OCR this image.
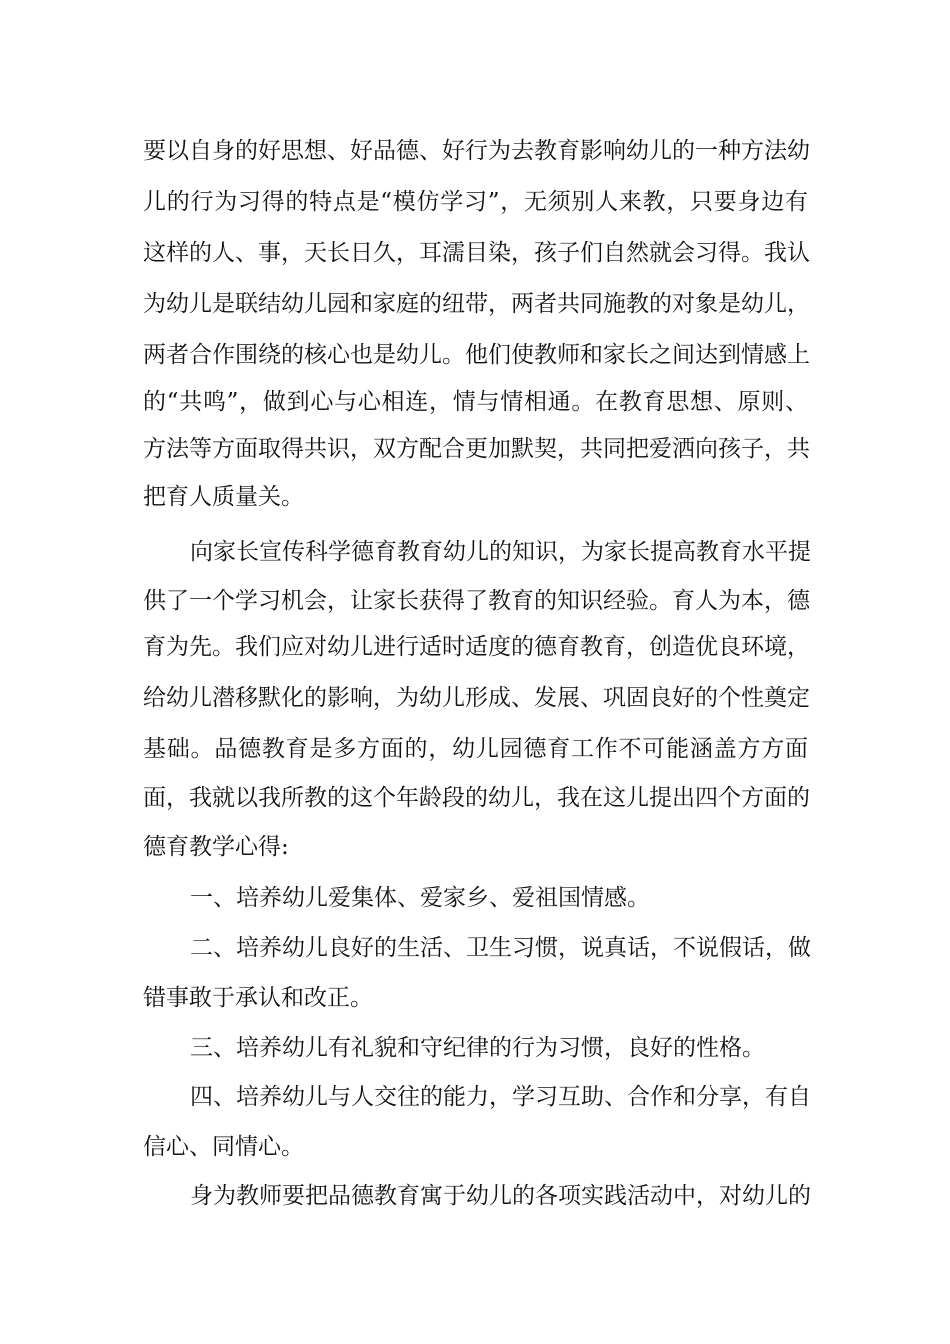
要以自身的好思想、好品德、好行为去教育影响幼儿的一种方法幼
儿的行为习得的特点是“模仿学习”，无须别人来教，只要身边有
这样的人、事，天长日久，耳濡目染，孩子们自然就会习得。我认
为幼儿是联结幼儿园和家庭的纽带，两者共同施教的对象是幼儿，
两者合作围绕的核心也是幼儿。他们使教师和家长之间达到情感上
的“共鸣”，做到心与心相连，情与情相通。在教育思想、原则、
方法等方面取得共识，双方配合更加默契，共同把爱洒向孩子，共
把育人质量关。
向家长宣传科学德育教育幼儿的知识，为家长提高教育水平提
供了一个学习机会，让家长获得了教育的知识经验。育人为本，德
育为先。我们应对幼儿进行适时适度的德育教育，创造优良环境，
给幼儿潜移默化的影响，为幼儿形成、发展、巩固良好的个性奠定
基础。品德教育是多方面的，幼儿园德育工作不可能涵盖方方面
面，我就以我所教的这个年龄段的幼儿，我在这儿提出四个方面的
德育教学心得:
一、培养幼儿爱集体、爱家乡、爱祖国情感。
二、培养幼儿良好的生活、卫生习惯，说真话，不说假话，做
错事敢于承认和改正。
三、培养幼儿有礼貌和守纪律的行为习惯，良好的性格。
四、培养幼儿与人交往的能力，学习互助、合作和分享，有自
信心、同情心。
身为教师要把品德教育寓于幼儿的各项实践活动中，对幼儿的
